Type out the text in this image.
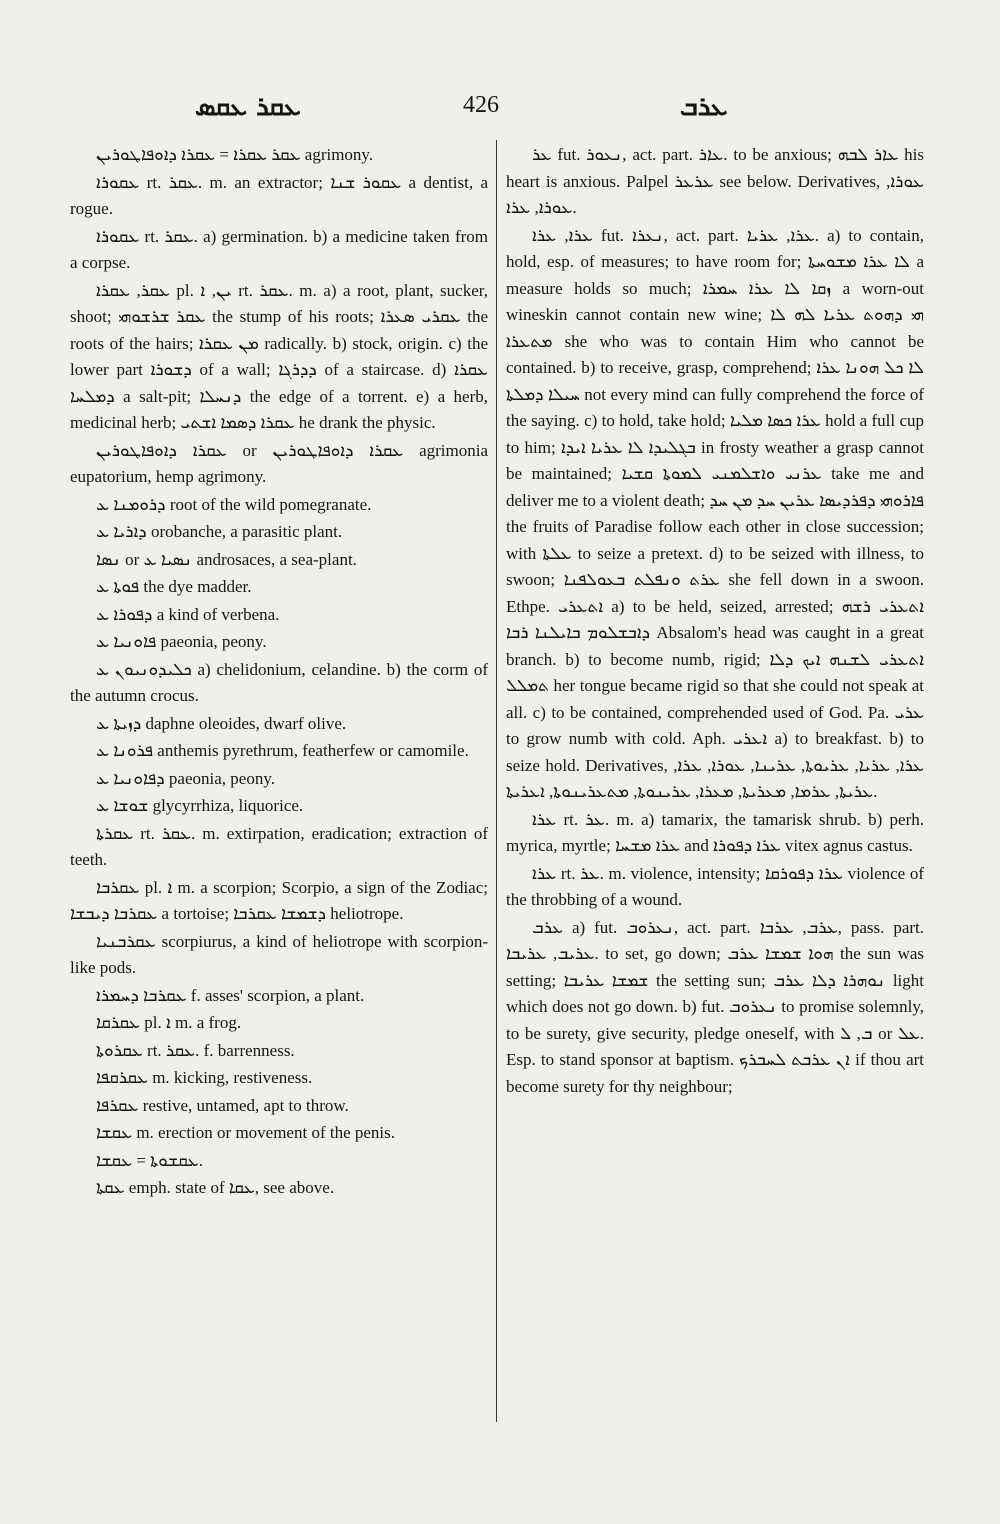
ܥܩܪ ܥܩܣ	426	ܥܪܒ

ܥܩܪ ܥܩܪܐ = ܥܩܪܐ ܕܐܘܦܐܛܘܪܝܢ agrimony.

ܥܩܘܪܐ rt. ܥܩܪ. m. an extractor; ܥܩܘܪ ܫܢܐ a dentist, a rogue.

ܥܩܘܪܐ rt. ܥܩܪ. a) germination. b) a medicine taken from a corpse.

ܥܩܪ, ܥܩܪܐ pl. ܝܢ, ܐ rt. ܥܩܪ. m. a) a root, plant, sucker, shoot; ܥܩܪ ܫܪܫܘܗܝ the stump of his roots; ܥܩܪܝ ܣܥܪܐ the roots of the hairs; ܡܢ ܥܩܪܐ radically. b) stock, origin. c) the lower part ܕܫܘܪܐ of a wall; ܕܕܪܓܐ of a staircase. d) ܥܩܪܐ ܕܡܠܚܐ a salt-pit; ܕܢܚܠܐ the edge of a torrent. e) a herb, medicinal herb; ܥܩܪܐ ܕܣܡܐ ܐܫܬܝ he drank the physic.

ܥܩܪܐ ܕܐܘܦܐܛܘܪܝܢ or ܥܩܪܐ ܕܐܘܦܐܛܘܪܝܢ agrimonia eupatorium, hemp agrimony.

ܕܪܘܡܢܐ ܥ root of the wild pomegranate.

ܕܐܪܝܐ ܥ orobanche, a parasitic plant.

ܢܣܐ or ܢܣܝܐ ܥ androsaces, a sea-plant.

ܦܘܬܐ ܥ the dye madder.

ܕܦܘܪܐ ܥ a kind of verbena.

ܦܐܘܢܝܐ ܥ paeonia, peony.

ܟܠܝܕܘܢܝܘܢ ܥ a) chelidonium, celandine. b) the corm of the autumn crocus.

ܕܙܝܬܐ ܥ daphne oleoides, dwarf olive.

ܦܪܘܢܐ ܥ anthemis pyrethrum, featherfew or camomile.

ܕܦܐܘܢܝܐ ܥ paeonia, peony.

ܫܘܫܐ ܥ glycyrrhiza, liquorice.

ܥܩܪܬܐ rt. ܥܩܪ. m. extirpation, eradication; extraction of teeth.

ܥܩܪܒܐ pl. ܐ m. a scorpion; Scorpio, a sign of the Zodiac; ܥܩܪܒܐ ܕܝܒܫܐ a tortoise; ܕܫܡܫܐ ܥܩܪܒܐ heliotrope.

ܥܩܪܒܢܝܐ scorpiurus, a kind of heliotrope with scorpion-like pods.

ܥܩܪܒܐ ܕܚܡܪܐ f. asses' scorpion, a plant.

ܥܩܪܩܐ pl. ܐ m. a frog.

ܥܩܪܘܬܐ rt. ܥܩܪ. f. barrenness.

ܥܩܪܩܦܐ m. kicking, restiveness.

ܥܩܪܦܐ restive, untamed, apt to throw.

ܥܩܫܐ m. erection or movement of the penis.

ܥܩܫܘܬܐ = ܥܩܫܐ.

ܥܩܬܐ emph. state of ܥܩܐ, see above.

ܥܪ fut. ܢܥܘܪ, act. part. ܥܐܪ. to be anxious; ܥܐܪ ܠܒܗ his heart is anxious. Palpel ܥܪܥܪ see below. Derivatives, ܥܘܪܐ, ܥܘܪܐ, ܥܪܐ.

ܥܪܐ, ܥܪܐ fut. ܢܥܪܐ, act. part. ܥܪܐ, ܥܪܝܐ. a) to contain, hold, esp. of measures; to have room for; ܠܐ ܥܪܐ ܡܫܘܚܬܐ a measure holds so much; ܙܩܐ ܠܐ ܥܪܐ ܚܡܪܐ a worn-out wineskin cannot contain new wine; ܗܝ ܕܗܘܬ ܥܪܝܐ ܠܗ ܠܐ ܡܬܥܪܐ she who was to contain Him who cannot be contained. b) to receive, grasp, comprehend; ܠܐ ܟܠ ܗܘܢܐ ܥܪܐ ܚܝܠܐ ܕܡܠܬܐ not every mind can fully comprehend the force of the saying. c) to hold, take hold; ܥܪܐ ܟܣܐ ܡܠܝܐ hold a full cup to him; ܒܓܠܝܕܐ ܠܐ ܥܪܝܐ ܐܝܕܐ in frosty weather a grasp cannot be maintained; ܥܪܢܝ ܘܐܫܠܡܢܝ ܠܡܘܬܐ ܩܫܝܐ take me and deliver me to a violent death; ܦܐܪܘܗܝ ܕܦܪܕܝܣܐ ܥܪܝܢ ܚܕ ܡܢ ܚܕ the fruits of Paradise follow each other in close succession; with ܥܠܬܐ to seize a pretext. d) to be seized with illness, to swoon; ܥܪܬ ܘܢܦܠܬ ܒܥܘܠܦܢܐ she fell down in a swoon. Ethpe. ܐܬܥܪܝ a) to be held, seized, arrested; ܐܬܥܪܝ ܪܫܗ ܕܐܒܫܠܘܡ ܒܐܝܠܢܐ ܪܒܐ Absalom's head was caught in a great branch. b) to become numb, rigid; ܐܬܥܪܝ ܠܫܢܗ ܐܝܟ ܕܠܐ ܬܡܠܠ her tongue became rigid so that she could not speak at all. c) to be contained, comprehended used of God. Pa. ܥܪܝ to grow numb with cold. Aph. ܐܥܪܝ a) to breakfast. b) to seize hold. Derivatives, ܥܪܐ, ܥܪܝܐ, ܥܪܝܘܬܐ, ܥܪܝܢܐ, ܥܘܪܐ, ܥܪܐ, ܥܪܝܬܐ, ܥܪܡܐ, ܡܥܪܝܬܐ, ܡܥܪܐ, ܥܪܝܢܘܬܐ, ܡܬܥܪܝܢܘܬܐ, ܐܥܪܝܬܐ.

ܥܪܐ rt. ܥܪ. m. a) tamarix, the tamarisk shrub. b) perh. myrica, myrtle; ܥܪܐ ܡܫܚܐ and ܥܪܐ ܕܦܘܪܐ vitex agnus castus.

ܥܪܐ rt. ܥܪ. m. violence, intensity; ܥܪܐ ܕܦܘܪܩܐ violence of the throbbing of a wound.

ܥܪܒ a) fut. ܢܥܪܘܒ, act. part. ܥܪܒ, ܥܪܒܐ, pass. part. ܥܪܝܒ, ܥܪܝܒܐ. to set, go down; ܗܘܐ ܫܡܫܐ ܥܪܒ the sun was setting; ܫܡܫܐ ܥܪܝܒܐ the setting sun; ܢܘܗܪܐ ܕܠܐ ܥܪܒ light which does not go down. b) fut. ܢܥܪܘܒ to promise solemnly, to be surety, give security, pledge oneself, with ܒ, ܠ or ܥܠ. Esp. to stand sponsor at baptism. ܐܢ ܥܪܒܬ ܠܚܒܪܟ if thou art become surety for thy neighbour;
